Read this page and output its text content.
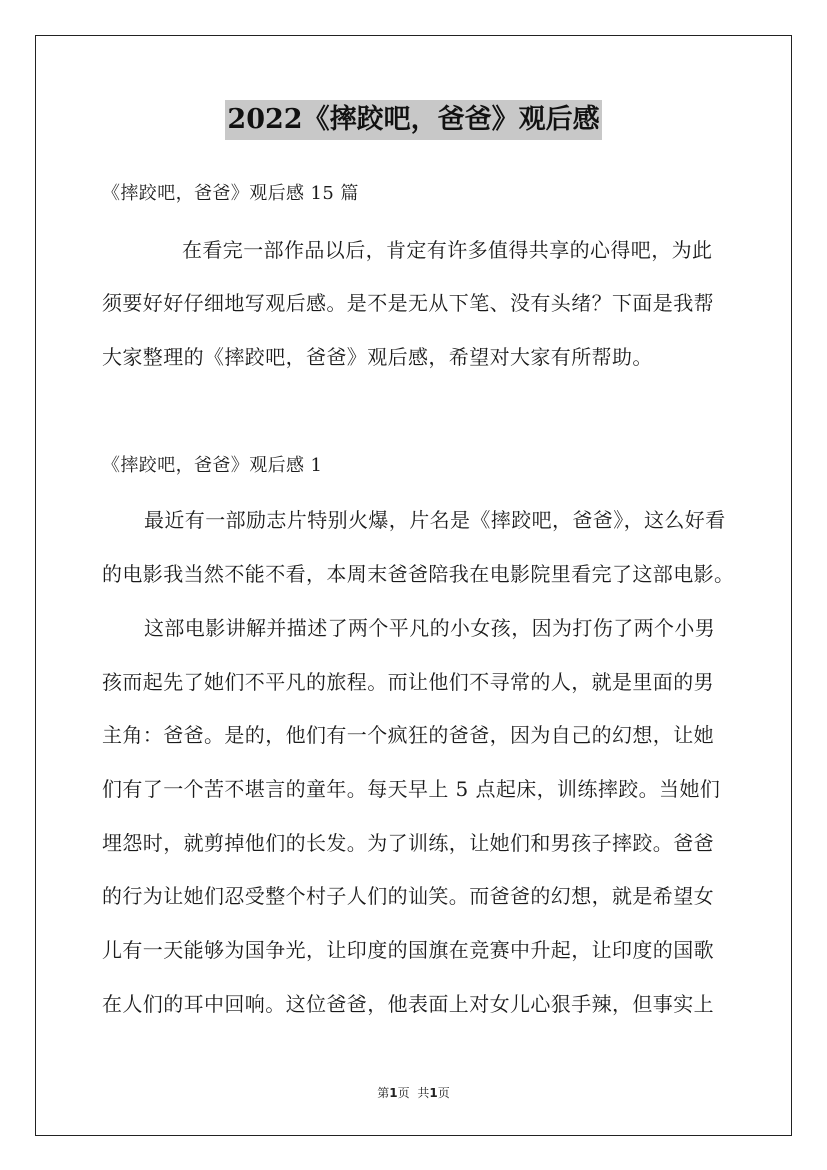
2022《摔跤吧，爸爸》观后感
《摔跤吧，爸爸》观后感 15 篇
在看完一部作品以后，肯定有许多值得共享的心得吧，为此
须要好好仔细地写观后感。是不是无从下笔、没有头绪？下面是我帮
大家整理的《摔跤吧，爸爸》观后感，希望对大家有所帮助。
《摔跤吧，爸爸》观后感 1
最近有一部励志片特别火爆，片名是《摔跤吧，爸爸》，这么好看
的电影我当然不能不看，本周末爸爸陪我在电影院里看完了这部电影。
这部电影讲解并描述了两个平凡的小女孩，因为打伤了两个小男
孩而起先了她们不平凡的旅程。而让他们不寻常的人，就是里面的男
主角：爸爸。是的，他们有一个疯狂的爸爸，因为自己的幻想，让她
们有了一个苦不堪言的童年。每天早上 5 点起床，训练摔跤。当她们
埋怨时，就剪掉他们的长发。为了训练，让她们和男孩子摔跤。爸爸
的行为让她们忍受整个村子人们的讪笑。而爸爸的幻想，就是希望女
儿有一天能够为国争光，让印度的国旗在竞赛中升起，让印度的国歌
在人们的耳中回响。这位爸爸，他表面上对女儿心狠手辣，但事实上
第1页 共1页
